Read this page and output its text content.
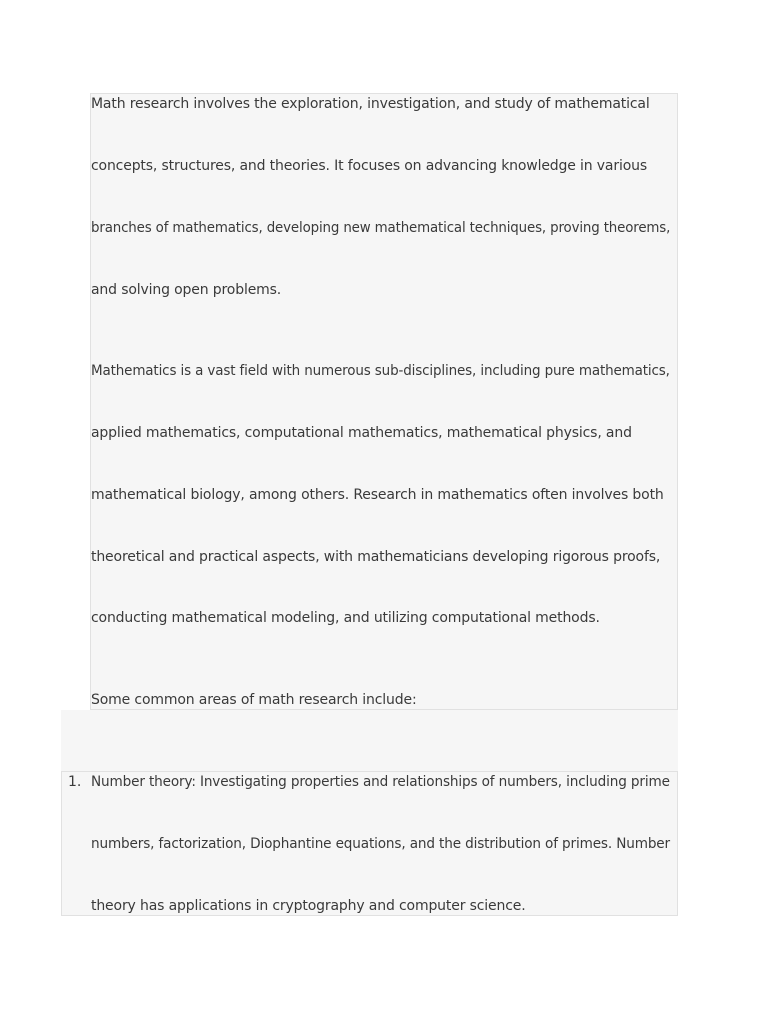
Math research involves the exploration, investigation, and study of mathematical
concepts, structures, and theories. It focuses on advancing knowledge in various
branches of mathematics, developing new mathematical techniques, proving theorems,
and solving open problems.
Mathematics is a vast field with numerous sub-disciplines, including pure mathematics,
applied mathematics, computational mathematics, mathematical physics, and
mathematical biology, among others. Research in mathematics often involves both
theoretical and practical aspects, with mathematicians developing rigorous proofs,
conducting mathematical modeling, and utilizing computational methods.
Some common areas of math research include:
1. Number theory: Investigating properties and relationships of numbers, including prime
numbers, factorization, Diophantine equations, and the distribution of primes. Number
theory has applications in cryptography and computer science.
